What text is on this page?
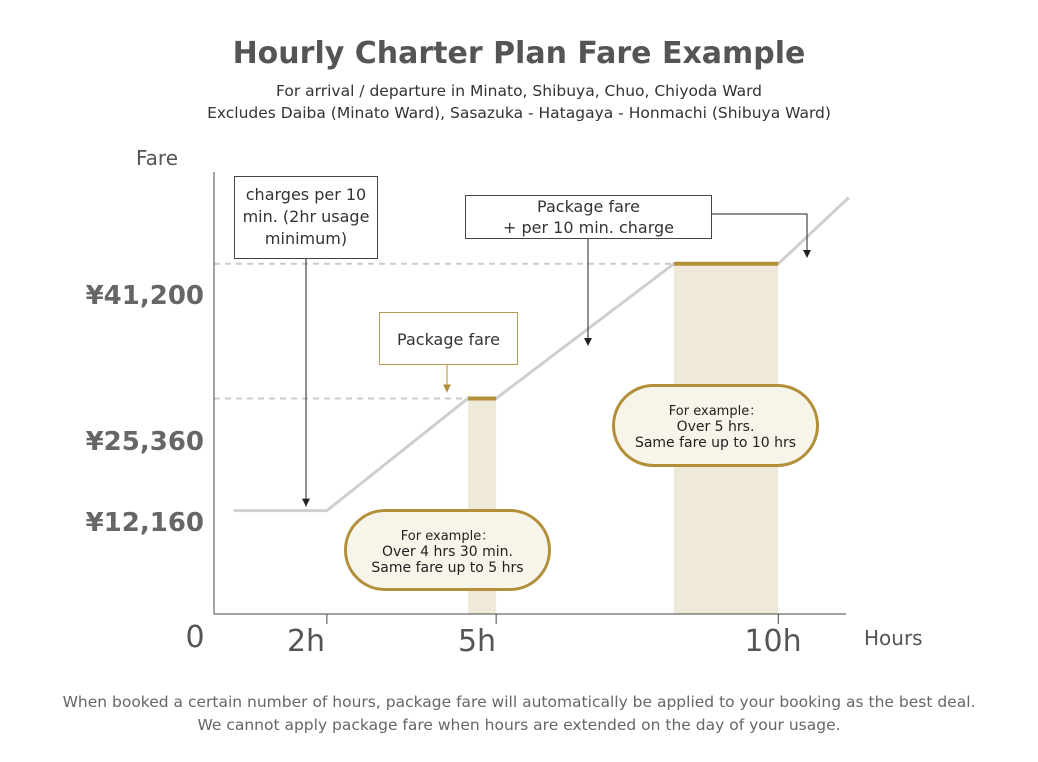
Hourly Charter Plan Fare Example
For arrival / departure in Minato, Shibuya, Chuo, Chiyoda Ward
Excludes Daiba (Minato Ward), Sasazuka - Hatagaya - Honmachi (Shibuya Ward)
Fare
Hours
0
¥41,200
¥25,360
¥12,160
2h	5h	10h
charges per 10
min. (2hr usage
minimum)
Package fare
+ per 10 min. charge
Package fare
For example：
Over 4 hrs 30 min.
Same fare up to 5 hrs
For example：
Over 5 hrs.
Same fare up to 10 hrs
When booked a certain number of hours, package fare will automatically be applied to your booking as the best deal.
We cannot apply package fare when hours are extended on the day of your usage.
